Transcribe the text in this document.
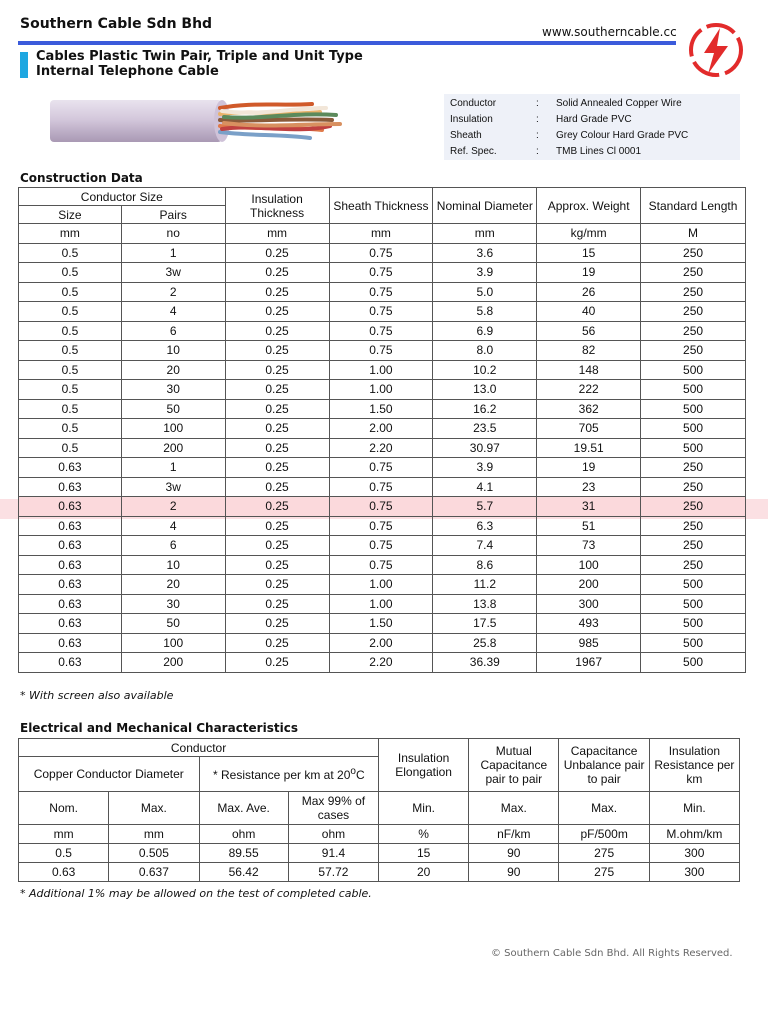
Southern Cable Sdn Bhd	www.southerncable.cc
Cables Plastic Twin Pair, Triple and Unit Type
Internal Telephone Cable
Conductor	:	Solid Annealed Copper Wire
Insulation	:	Hard Grade PVC
Sheath	:	Grey Colour Hard Grade PVC
Ref. Spec.	:	TMB Lines Cl 0001
Construction Data
Conductor Size		Insulation Thickness	Sheath Thickness	Nominal Diameter	Approx. Weight	Standard Length
Size	Pairs					
mm	no	mm	mm	mm	kg/mm	M
0.5	1	0.25	0.75	3.6	15	250
0.5	3w	0.25	0.75	3.9	19	250
0.5	2	0.25	0.75	5.0	26	250
0.5	4	0.25	0.75	5.8	40	250
0.5	6	0.25	0.75	6.9	56	250
0.5	10	0.25	0.75	8.0	82	250
0.5	20	0.25	1.00	10.2	148	500
0.5	30	0.25	1.00	13.0	222	500
0.5	50	0.25	1.50	16.2	362	500
0.5	100	0.25	2.00	23.5	705	500
0.5	200	0.25	2.20	30.97	19.51	500
0.63	1	0.25	0.75	3.9	19	250
0.63	3w	0.25	0.75	4.1	23	250
0.63	2	0.25	0.75	5.7	31	250
0.63	4	0.25	0.75	6.3	51	250
0.63	6	0.25	0.75	7.4	73	250
0.63	10	0.25	0.75	8.6	100	250
0.63	20	0.25	1.00	11.2	200	500
0.63	30	0.25	1.00	13.8	300	500
0.63	50	0.25	1.50	17.5	493	500
0.63	100	0.25	2.00	25.8	985	500
0.63	200	0.25	2.20	36.39	1967	500
* With screen also available
Electrical and Mechanical Characteristics
Conductor				Insulation Elongation	Mutual Capacitance pair to pair	Capacitance Unbalance pair to pair	Insulation Resistance per km
Copper Conductor Diameter		* Resistance per km at 20$^o$C					
Nom.	Max.	Max. Ave.	Max 99% of cases	Min.	Max.	Max.	Min.
mm	mm	ohm	ohm	%	nF/km	pF/500m	M.ohm/km
0.5	0.505	89.55	91.4	15	90	275	300
0.63	0.637	56.42	57.72	20	90	275	300
* Additional 1% may be allowed on the test of completed cable.
© Southern Cable Sdn Bhd. All Rights Reserved.
